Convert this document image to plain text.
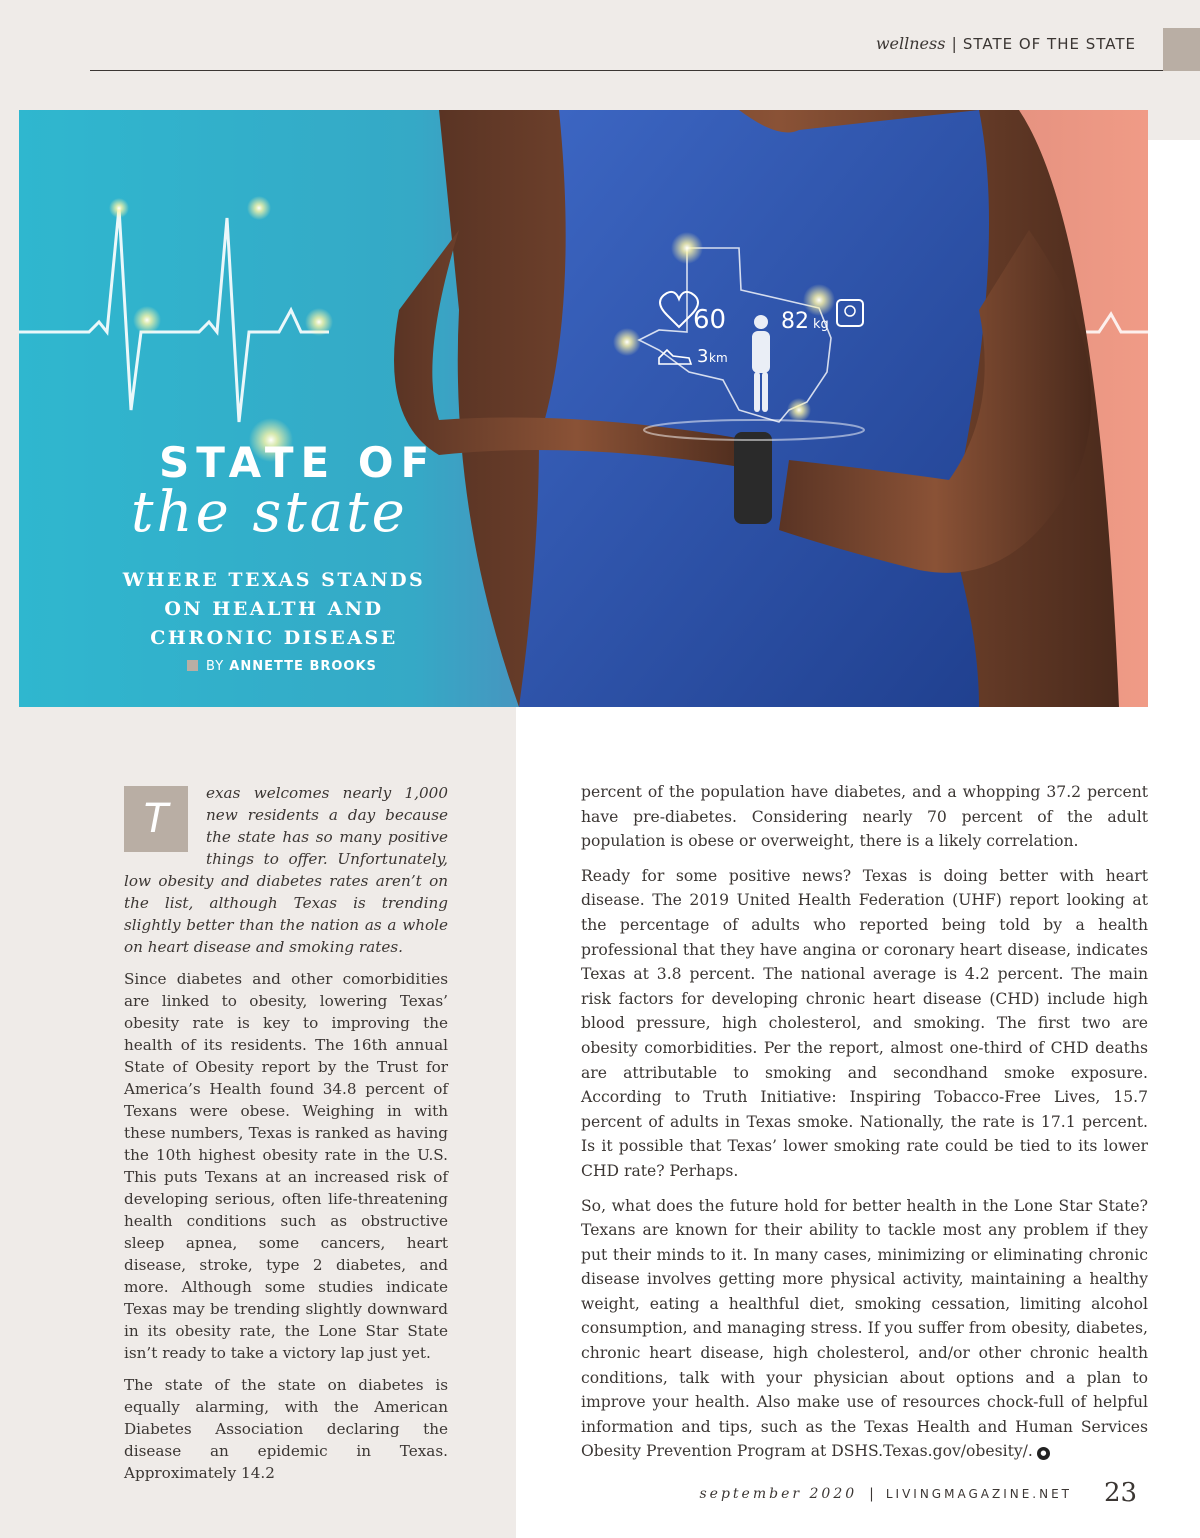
wellness | STATE OF THE STATE
60 82 kg
3 km
STATE OF
the state
WHERE TEXAS STANDS ON HEALTH AND CHRONIC DISEASE
BY ANNETTE BROOKS

T
exas welcomes nearly 1,000 new residents a day because the state has so many positive things to offer. Unfortunately, low obesity and diabetes rates aren’t on the list, although Texas is trending slightly better than the nation as a whole on heart disease and smoking rates.

Since diabetes and other comorbidities are linked to obesity, lowering Texas’ obesity rate is key to improving the health of its residents. The 16th annual State of Obesity report by the Trust for America’s Health found 34.8 percent of Texans were obese. Weighing in with these numbers, Texas is ranked as having the 10th highest obesity rate in the U.S. This puts Texans at an increased risk of developing serious, often life-threatening health conditions such as obstructive sleep apnea, some cancers, heart disease, stroke, type 2 diabetes, and more. Although some studies indicate Texas may be trending slightly downward in its obesity rate, the Lone Star State isn’t ready to take a victory lap just yet.

The state of the state on diabetes is equally alarming, with the American Diabetes Association declaring the disease an epidemic in Texas. Approximately 14.2

percent of the population have diabetes, and a whopping 37.2 percent have pre-diabetes. Considering nearly 70 percent of the adult population is obese or overweight, there is a likely correlation.

Ready for some positive news? Texas is doing better with heart disease. The 2019 United Health Federation (UHF) report looking at the percentage of adults who reported being told by a health professional that they have angina or coronary heart disease, indicates Texas at 3.8 percent. The national average is 4.2 percent. The main risk factors for developing chronic heart disease (CHD) include high blood pressure, high cholesterol, and smoking. The first two are obesity comorbidities. Per the report, almost one-third of CHD deaths are attributable to smoking and secondhand smoke exposure. According to Truth Initiative: Inspiring Tobacco-Free Lives, 15.7 percent of adults in Texas smoke. Nationally, the rate is 17.1 percent. Is it possible that Texas’ lower smoking rate could be tied to its lower CHD rate? Perhaps.

So, what does the future hold for better health in the Lone Star State? Texans are known for their ability to tackle most any problem if they put their minds to it. In many cases, minimizing or eliminating chronic disease involves getting more physical activity, maintaining a healthy weight, eating a healthful diet, smoking cessation, limiting alcohol consumption, and managing stress. If you suffer from obesity, diabetes, chronic heart disease, high cholesterol, and/or other chronic health conditions, talk with your physician about options and a plan to improve your health. Also make use of resources chock-full of helpful information and tips, such as the Texas Health and Human Services Obesity Prevention Program at DSHS.Texas.gov/obesity/. ●

september 2020 | LIVINGMAGAZINE.NET 23
